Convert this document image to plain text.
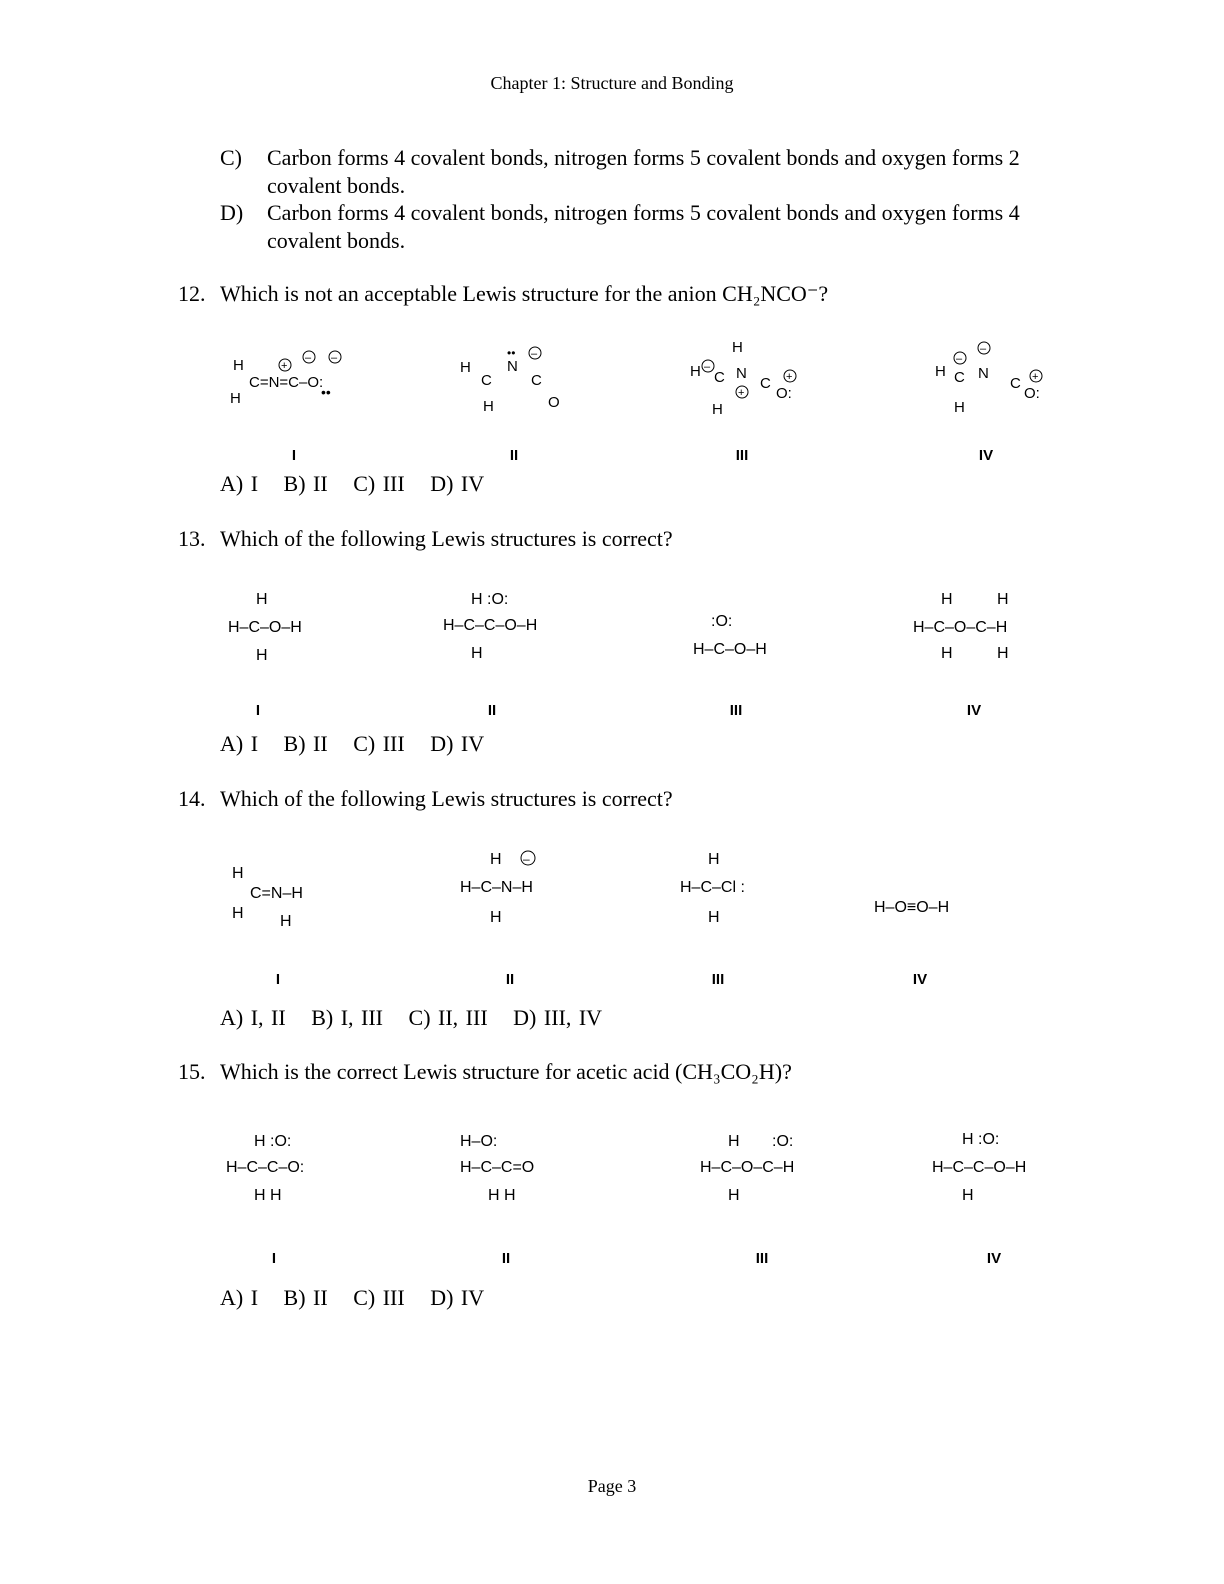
Chapter 1: Structure and Bonding
C) Carbon forms 4 covalent bonds, nitrogen forms 5 covalent bonds and oxygen forms 2 covalent bonds.
D) Carbon forms 4 covalent bonds, nitrogen forms 5 covalent bonds and oxygen forms 4 covalent bonds.
12. Which is not an acceptable Lewis structure for the anion CH₂NCO⁻?
H
H
C=N=C–O:
+
– –
••
H
C
N
C
O
H
–
••	H
H C N
C
O:
H
–
+
+	H C N
C
O:
H
–
–
+
I	II	III	IV
A) I B) II C) III D) IV
13. Which of the following Lewis structures is correct?
H
H–C–O–H
H
H :O:
H–C–C–O–H
H
:O:
H–C–O–H
H	H
H–C–O–C–H
H	H
I	II	III	IV
A) I B) II C) III D) IV
14. Which of the following Lewis structures is correct?
H
C=N–H
H H
H –
H–C–N–H
H
H
H–C–Cl :
H
H–O≡O–H
I	II	III	IV
A) I, II B) I, III C) II, III D) III, IV
15. Which is the correct Lewis structure for acetic acid (CH₃CO₂H)?
H :O:
H–C–C–O:
H H
H–O:
H–C–C=O
H H
H :O:
H–C–O–C–H
H
H :O:
H–C–C–O–H
H
I	II	III	IV
A) I B) II C) III D) IV
Page 3
